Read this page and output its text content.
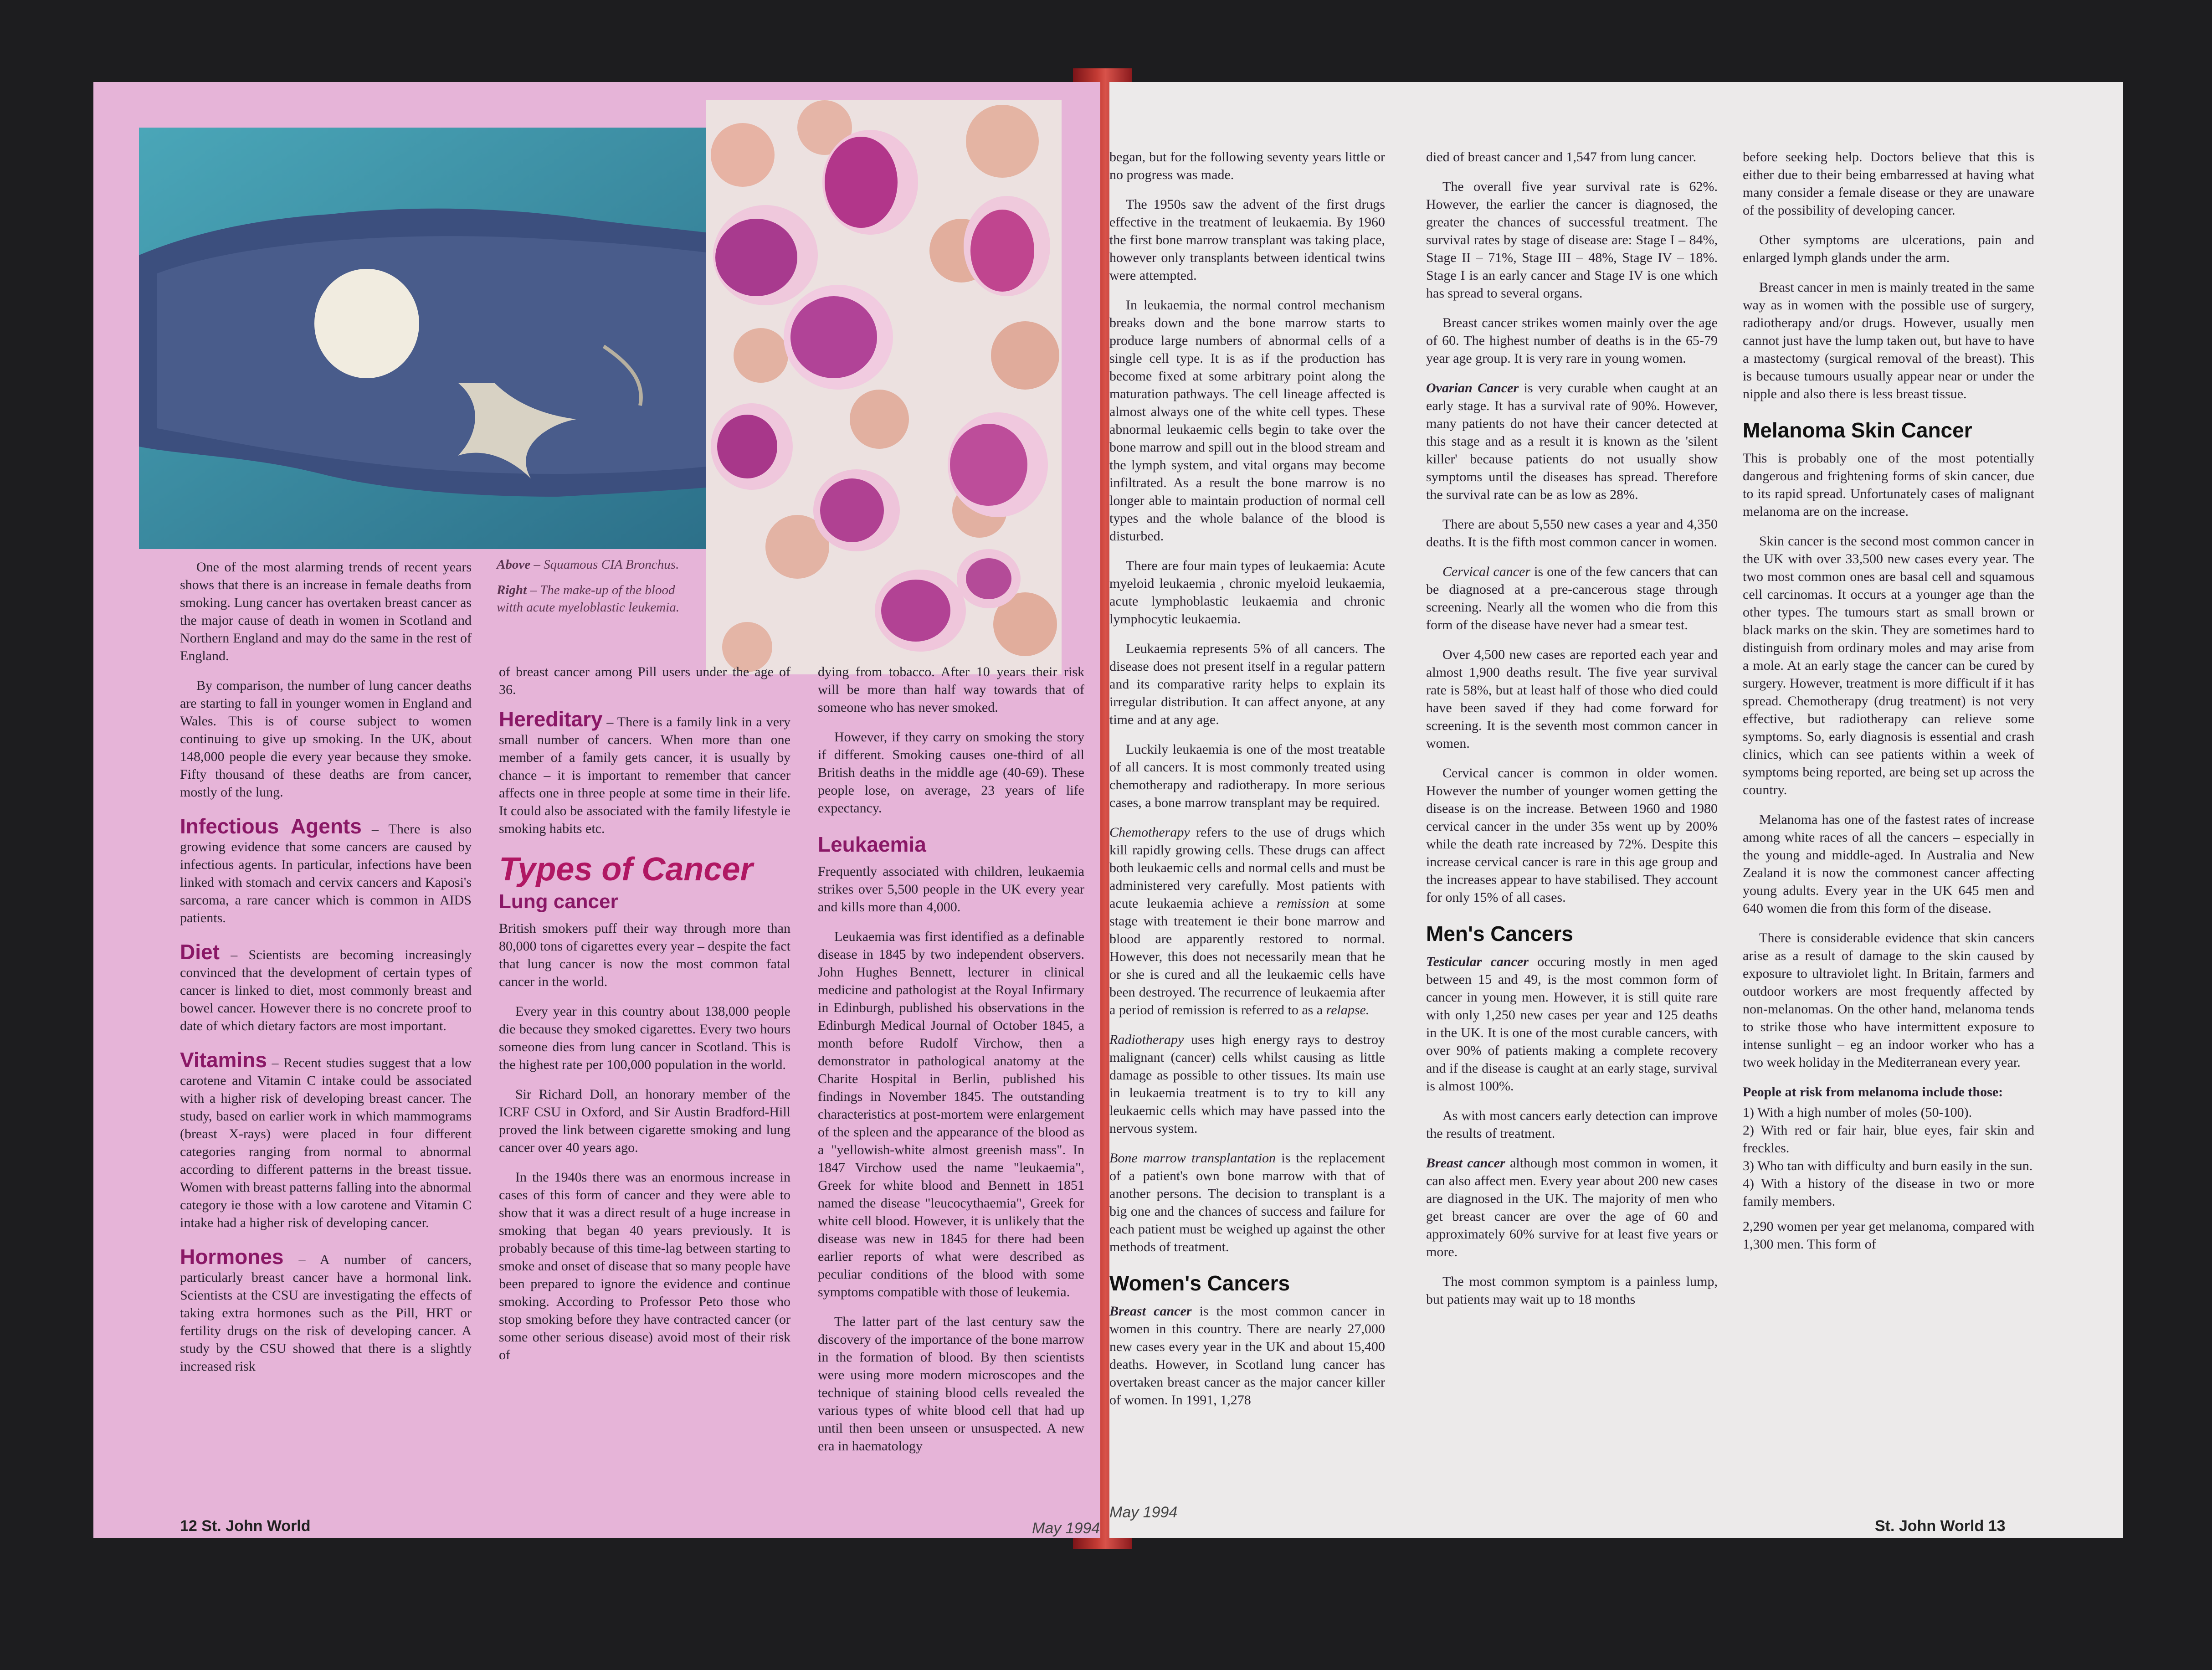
Above – Squamous CIA Bronchus.
Right – The make-up of the blood witth acute myeloblastic leukemia.

One of the most alarming trends of recent years shows that there is an increase in female deaths from smoking. Lung cancer has overtaken breast cancer as the major cause of death in women in Scotland and Northern England and may do the same in the rest of England.

By comparison, the number of lung cancer deaths are starting to fall in younger women in England and Wales. This is of course subject to women continuing to give up smoking. In the UK, about 148,000 people die every year because they smoke. Fifty thousand of these deaths are from cancer, mostly of the lung.

Infectious Agents – There is also growing evidence that some cancers are caused by infectious agents. In particular, infections have been linked with stomach and cervix cancers and Kaposi's sarcoma, a rare cancer which is common in AIDS patients.

Diet – Scientists are becoming increasingly convinced that the development of certain types of cancer is linked to diet, most commonly breast and bowel cancer. However there is no concrete proof to date of which dietary factors are most important.

Vitamins – Recent studies suggest that a low carotene and Vitamin C intake could be associated with a higher risk of developing breast cancer. The study, based on earlier work in which mammograms (breast X-rays) were placed in four different categories ranging from normal to abnormal according to different patterns in the breast tissue. Women with breast patterns falling into the abnormal category ie those with a low carotene and Vitamin C intake had a higher risk of developing cancer.

Hormones – A number of cancers, particularly breast cancer have a hormonal link. Scientists at the CSU are investigating the effects of taking extra hormones such as the Pill, HRT or fertility drugs on the risk of developing cancer. A study by the CSU showed that there is a slightly increased risk

of breast cancer among Pill users under the age of 36.

Hereditary – There is a family link in a very small number of cancers. When more than one member of a family gets cancer, it is usually by chance – it is important to remember that cancer affects one in three people at some time in their life. It could also be associated with the family lifestyle ie smoking habits etc.

Types of Cancer
Lung cancer

British smokers puff their way through more than 80,000 tons of cigarettes every year – despite the fact that lung cancer is now the most common fatal cancer in the world.

Every year in this country about 138,000 people die because they smoked cigarettes. Every two hours someone dies from lung cancer in Scotland. This is the highest rate per 100,000 population in the world.

Sir Richard Doll, an honorary member of the ICRF CSU in Oxford, and Sir Austin Bradford-Hill proved the link between cigarette smoking and lung cancer over 40 years ago.

In the 1940s there was an enormous increase in cases of this form of cancer and they were able to show that it was a direct result of a huge increase in smoking that began 40 years previously. It is probably because of this time-lag between starting to smoke and onset of disease that so many people have been prepared to ignore the evidence and continue smoking. According to Professor Peto those who stop smoking before they have contracted cancer (or some other serious disease) avoid most of their risk of

dying from tobacco. After 10 years their risk will be more than half way towards that of someone who has never smoked.

However, if they carry on smoking the story if different. Smoking causes one-third of all British deaths in the middle age (40-69). These people lose, on average, 23 years of life expectancy.

Leukaemia

Frequently associated with children, leukaemia strikes over 5,500 people in the UK every year and kills more than 4,000.

Leukaemia was first identified as a definable disease in 1845 by two independent observers. John Hughes Bennett, lecturer in clinical medicine and pathologist at the Royal Infirmary in Edinburgh, published his observations in the Edinburgh Medical Journal of October 1845, a month before Rudolf Virchow, then a demonstrator in pathological anatomy at the Charite Hospital in Berlin, published his findings in November 1845. The outstanding characteristics at post-mortem were enlargement of the spleen and the appearance of the blood as a "yellowish-white almost greenish mass". In 1847 Virchow used the name "leukaemia", Greek for white blood and Bennett in 1851 named the disease "leucocythaemia", Greek for white cell blood. However, it is unlikely that the disease was new in 1845 for there had been earlier reports of what were described as peculiar conditions of the blood with some symptoms compatible with those of leukemia.

The latter part of the last century saw the discovery of the importance of the bone marrow in the formation of blood. By then scientists were using more modern microscopes and the technique of staining blood cells revealed the various types of white blood cell that had up until then been unseen or unsuspected. A new era in haematology

12 St. John World	May 1994

began, but for the following seventy years little or no progress was made.

The 1950s saw the advent of the first drugs effective in the treatment of leukaemia. By 1960 the first bone marrow transplant was taking place, however only transplants between identical twins were attempted.

In leukaemia, the normal control mechanism breaks down and the bone marrow starts to produce large numbers of abnormal cells of a single cell type. It is as if the production has become fixed at some arbitrary point along the maturation pathways. The cell lineage affected is almost always one of the white cell types. These abnormal leukaemic cells begin to take over the bone marrow and spill out in the blood stream and the lymph system, and vital organs may become infiltrated. As a result the bone marrow is no longer able to maintain production of normal cell types and the whole balance of the blood is disturbed.

There are four main types of leukaemia: Acute myeloid leukaemia , chronic myeloid leukaemia, acute lymphoblastic leukaemia and chronic lymphocytic leukaemia.

Leukaemia represents 5% of all cancers. The disease does not present itself in a regular pattern and its comparative rarity helps to explain its irregular distribution. It can affect anyone, at any time and at any age.

Luckily leukaemia is one of the most treatable of all cancers. It is most commonly treated using chemotherapy and radiotherapy. In more serious cases, a bone marrow transplant may be required.

Chemotherapy refers to the use of drugs which kill rapidly growing cells. These drugs can affect both leukaemic cells and normal cells and must be administered very carefully. Most patients with acute leukaemia achieve a remission at some stage with treatement ie their bone marrow and blood are apparently restored to normal. However, this does not necessarily mean that he or she is cured and all the leukaemic cells have been destroyed. The recurrence of leukaemia after a period of remission is referred to as a relapse.

Radiotherapy uses high energy rays to destroy malignant (cancer) cells whilst causing as little damage as possible to other tissues. Its main use in leukaemia treatment is to try to kill any leukaemic cells which may have passed into the nervous system.

Bone marrow transplantation is the replacement of a patient's own bone marrow with that of another persons. The decision to transplant is a big one and the chances of success and failure for each patient must be weighed up against the other methods of treatment.

Women's Cancers

Breast cancer is the most common cancer in women in this country. There are nearly 27,000 new cases every year in the UK and about 15,400 deaths. However, in Scotland lung cancer has overtaken breast cancer as the major cancer killer of women. In 1991, 1,278

died of breast cancer and 1,547 from lung cancer.

The overall five year survival rate is 62%. However, the earlier the cancer is diagnosed, the greater the chances of successful treatment. The survival rates by stage of disease are: Stage I – 84%, Stage II – 71%, Stage III – 48%, Stage IV – 18%. Stage I is an early cancer and Stage IV is one which has spread to several organs.

Breast cancer strikes women mainly over the age of 60. The highest number of deaths is in the 65-79 year age group. It is very rare in young women.

Ovarian Cancer is very curable when caught at an early stage. It has a survival rate of 90%. However, many patients do not have their cancer detected at this stage and as a result it is known as the 'silent killer' because patients do not usually show symptoms until the diseases has spread. Therefore the survival rate can be as low as 28%.

There are about 5,550 new cases a year and 4,350 deaths. It is the fifth most common cancer in women.

Cervical cancer is one of the few cancers that can be diagnosed at a pre-cancerous stage through screening. Nearly all the women who die from this form of the disease have never had a smear test.

Over 4,500 new cases are reported each year and almost 1,900 deaths result. The five year survival rate is 58%, but at least half of those who died could have been saved if they had come forward for screening. It is the seventh most common cancer in women.

Cervical cancer is common in older women. However the number of younger women getting the disease is on the increase. Between 1960 and 1980 cervical cancer in the under 35s went up by 200% while the death rate increased by 72%. Despite this increase cervical cancer is rare in this age group and the increases appear to have stabilised. They account for only 15% of all cases.

Men's Cancers

Testicular cancer occuring mostly in men aged between 15 and 49, is the most common form of cancer in young men. However, it is still quite rare with only 1,250 new cases per year and 125 deaths in the UK. It is one of the most curable cancers, with over 90% of patients making a complete recovery and if the disease is caught at an early stage, survival is almost 100%.

As with most cancers early detection can improve the results of treatment.

Breast cancer although most common in women, it can also affect men. Every year about 200 new cases are diagnosed in the UK. The majority of men who get breast cancer are over the age of 60 and approximately 60% survive for at least five years or more.

The most common symptom is a painless lump, but patients may wait up to 18 months

before seeking help. Doctors believe that this is either due to their being embarressed at having what many consider a female disease or they are unaware of the possibility of developing cancer.

Other symptoms are ulcerations, pain and enlarged lymph glands under the arm.

Breast cancer in men is mainly treated in the same way as in women with the possible use of surgery, radiotherapy and/or drugs. However, usually men cannot just have the lump taken out, but have to have a mastectomy (surgical removal of the breast). This is because tumours usually appear near or under the nipple and also there is less breast tissue.

Melanoma Skin Cancer

This is probably one of the most potentially dangerous and frightening forms of skin cancer, due to its rapid spread. Unfortunately cases of malignant melanoma are on the increase.

Skin cancer is the second most common cancer in the UK with over 33,500 new cases every year. The two most common ones are basal cell and squamous cell carcinomas. It occurs at a younger age than the other types. The tumours start as small brown or black marks on the skin. They are sometimes hard to distinguish from ordinary moles and may arise from a mole. At an early stage the cancer can be cured by surgery. However, treatment is more difficult if it has spread. Chemotherapy (drug treatment) is not very effective, but radiotherapy can relieve some symptoms. So, early diagnosis is essential and crash clinics, which can see patients within a week of symptoms being reported, are being set up across the country.

Melanoma has one of the fastest rates of increase among white races of all the cancers – especially in the young and middle-aged. In Australia and New Zealand it is now the commonest cancer affecting young adults. Every year in the UK 645 men and 640 women die from this form of the disease.

There is considerable evidence that skin cancers arise as a result of damage to the skin caused by exposure to ultraviolet light. In Britain, farmers and outdoor workers are most frequently affected by non-melanomas. On the other hand, melanoma tends to strike those who have intermittent exposure to intense sunlight – eg an indoor worker who has a two week holiday in the Mediterranean every year.

People at risk from melanoma include those:

1) With a high number of moles (50-100).
2) With red or fair hair, blue eyes, fair skin and freckles.
3) Who tan with difficulty and burn easily in the sun.
4) With a history of the disease in two or more family members.

2,290 women per year get melanoma, compared with 1,300 men. This form of

May 1994
St. John World 13
